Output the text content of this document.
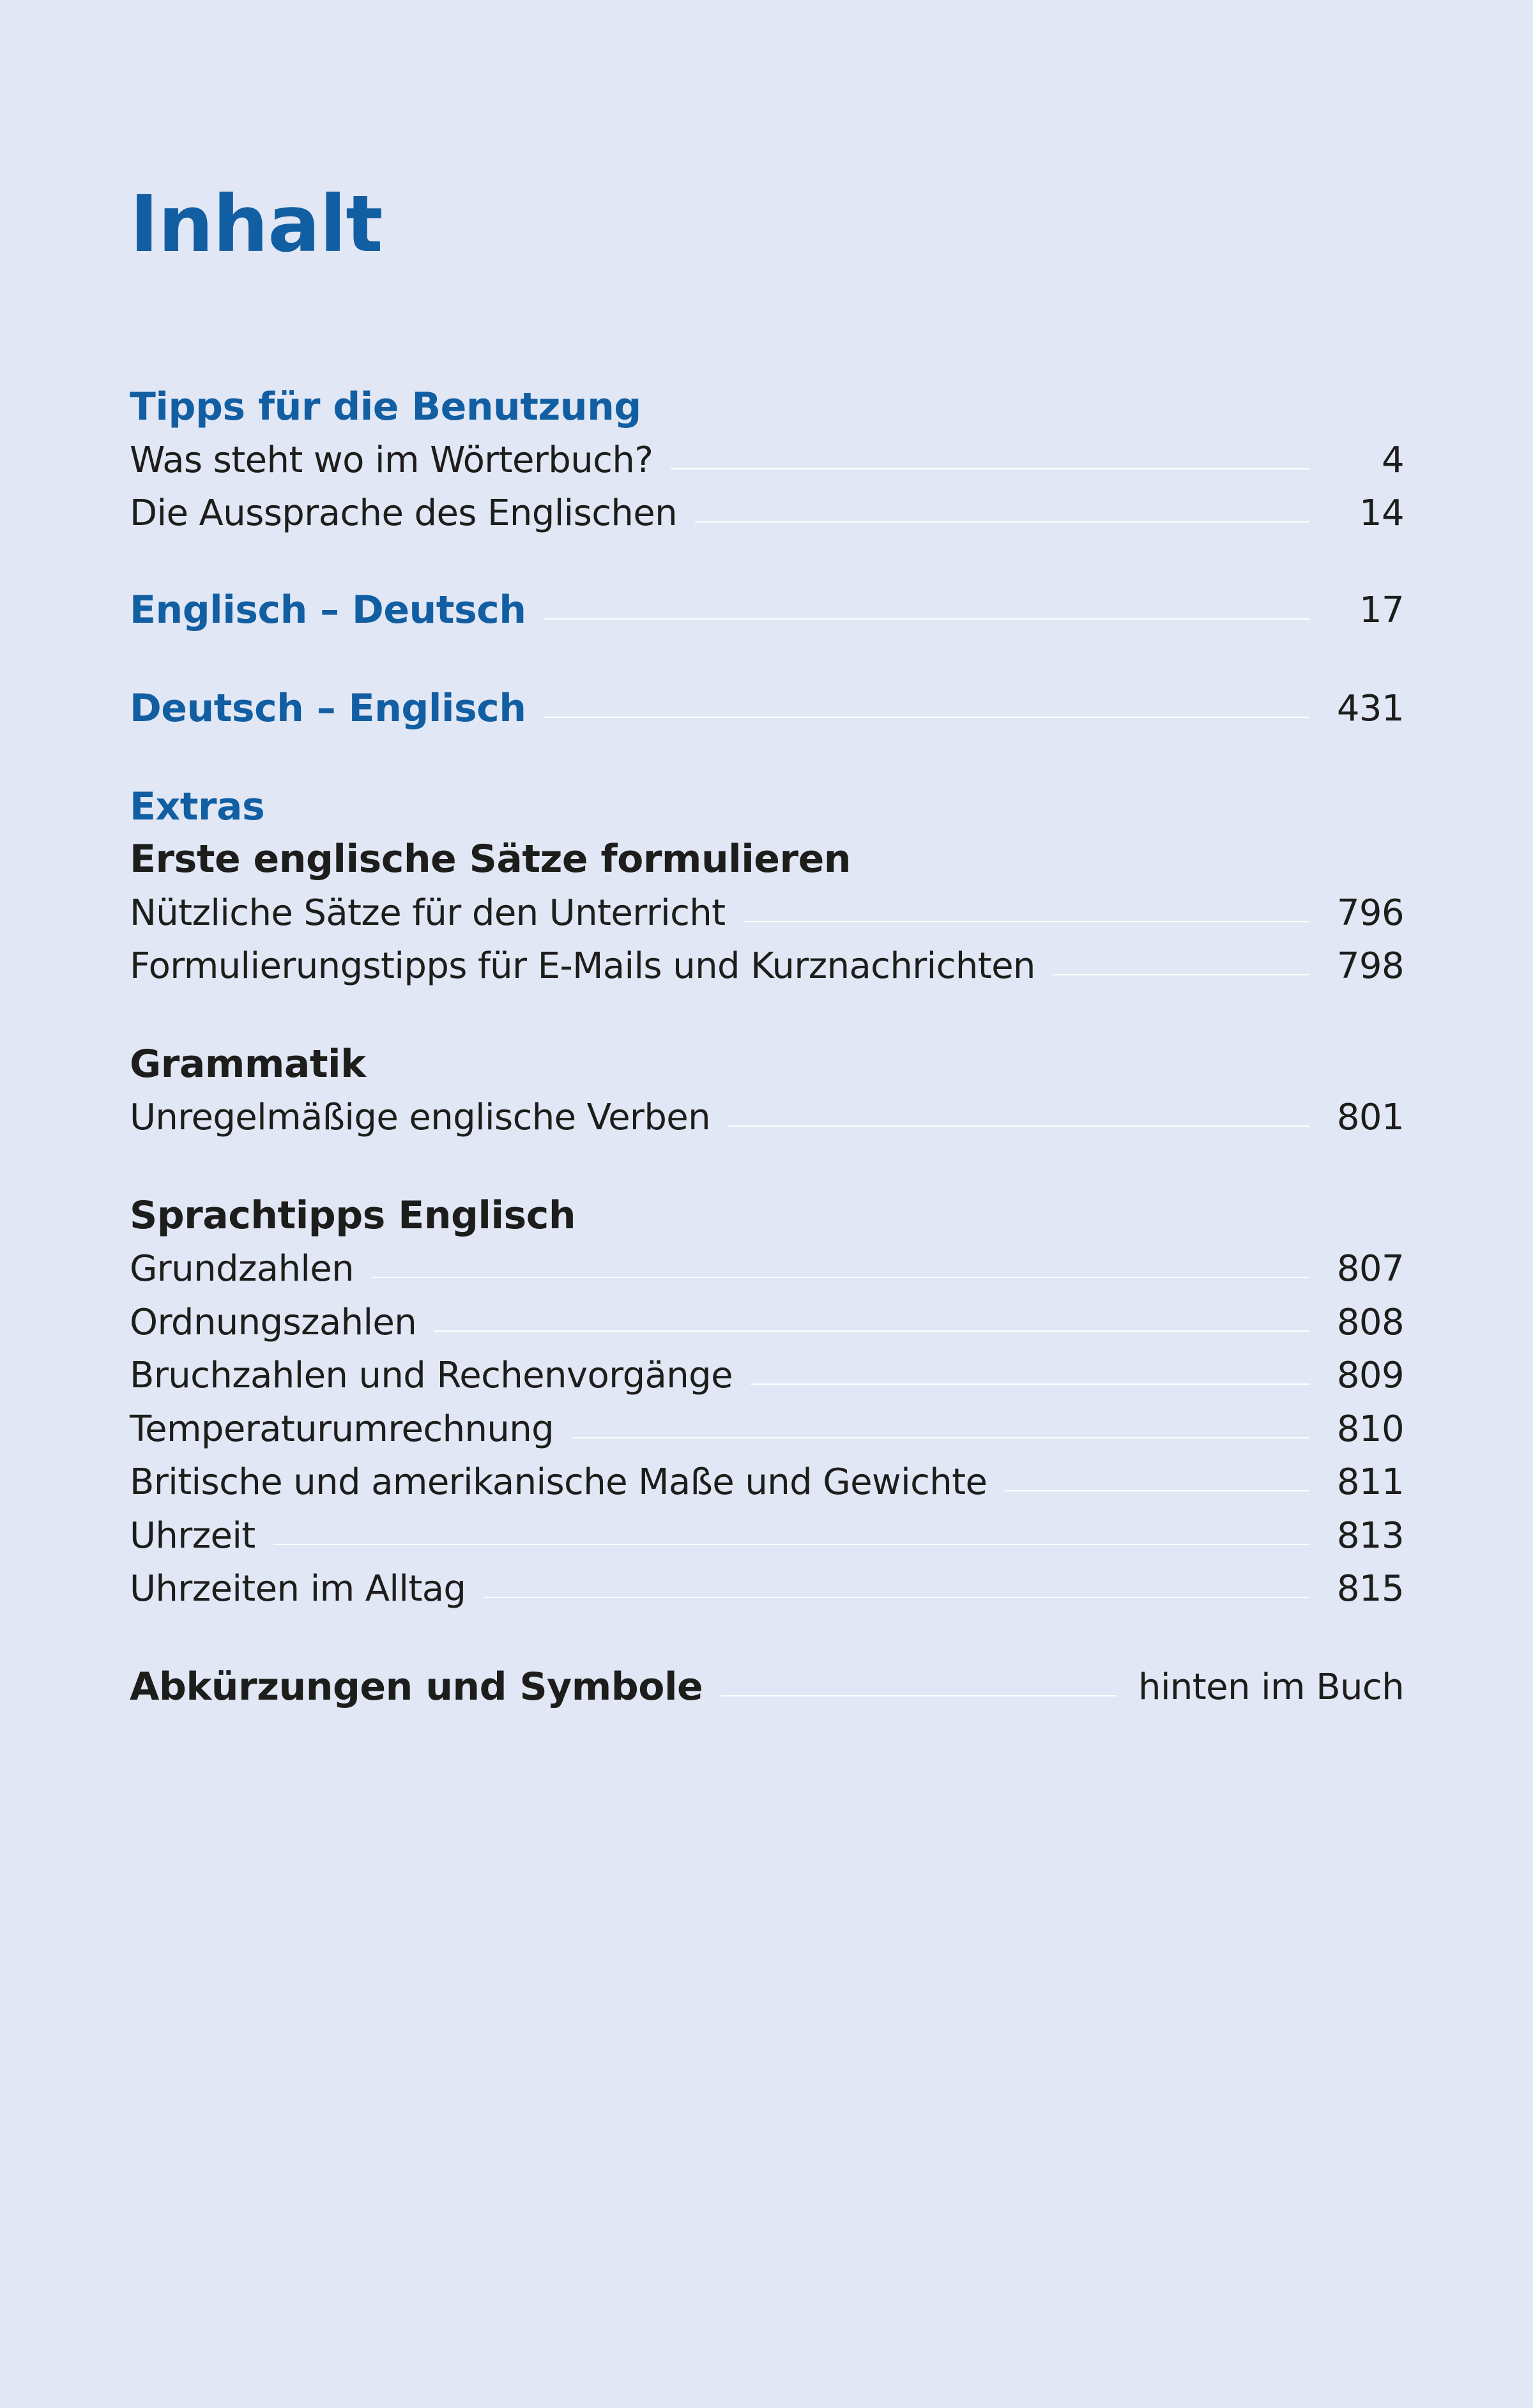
Inhalt
Tipps für die Benutzung
Was steht wo im Wörterbuch?	4
Die Aussprache des Englischen	14
Englisch – Deutsch	17
Deutsch – Englisch	431
Extras
Erste englische Sätze formulieren
Nützliche Sätze für den Unterricht	796
Formulierungstipps für E-Mails und Kurznachrichten	798
Grammatik
Unregelmäßige englische Verben	801
Sprachtipps Englisch
Grundzahlen	807
Ordnungszahlen	808
Bruchzahlen und Rechenvorgänge	809
Temperaturumrechnung	810
Britische und amerikanische Maße und Gewichte	811
Uhrzeit	813
Uhrzeiten im Alltag	815
Abkürzungen und Symbole	hinten im Buch
